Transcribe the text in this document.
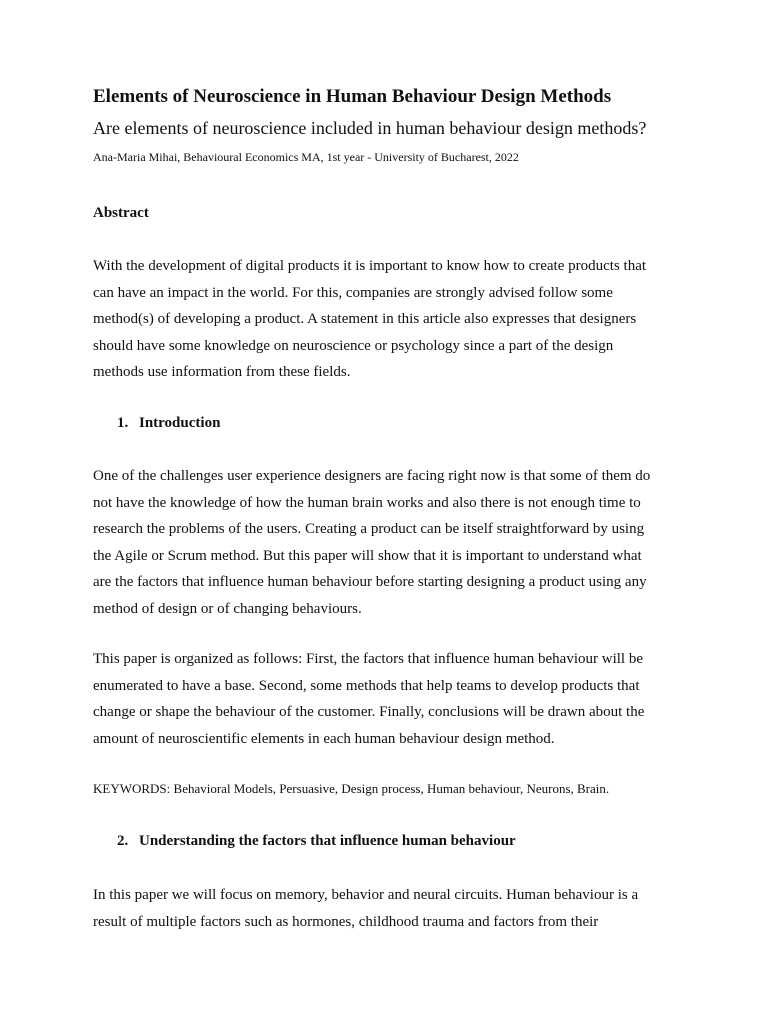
Elements of Neuroscience in Human Behaviour Design Methods
Are elements of neuroscience included in human behaviour design methods?
Ana-Maria Mihai, Behavioural Economics MA, 1st year - University of Bucharest, 2022
Abstract
With the development of digital products it is important to know how to create products that
can have an impact in the world. For this, companies are strongly advised follow some
method(s) of developing a product. A statement in this article also expresses that designers
should have some knowledge on neuroscience or psychology since a part of the design
methods use information from these fields.
1. Introduction
One of the challenges user experience designers are facing right now is that some of them do
not have the knowledge of how the human brain works and also there is not enough time to
research the problems of the users. Creating a product can be itself straightforward by using
the Agile or Scrum method. But this paper will show that it is important to understand what
are the factors that influence human behaviour before starting designing a product using any
method of design or of changing behaviours.
This paper is organized as follows: First, the factors that influence human behaviour will be
enumerated to have a base. Second, some methods that help teams to develop products that
change or shape the behaviour of the customer. Finally, conclusions will be drawn about the
amount of neuroscientific elements in each human behaviour design method.
KEYWORDS: Behavioral Models, Persuasive, Design process, Human behaviour, Neurons, Brain.
2. Understanding the factors that influence human behaviour
In this paper we will focus on memory, behavior and neural circuits. Human behaviour is a
result of multiple factors such as hormones, childhood trauma and factors from their
